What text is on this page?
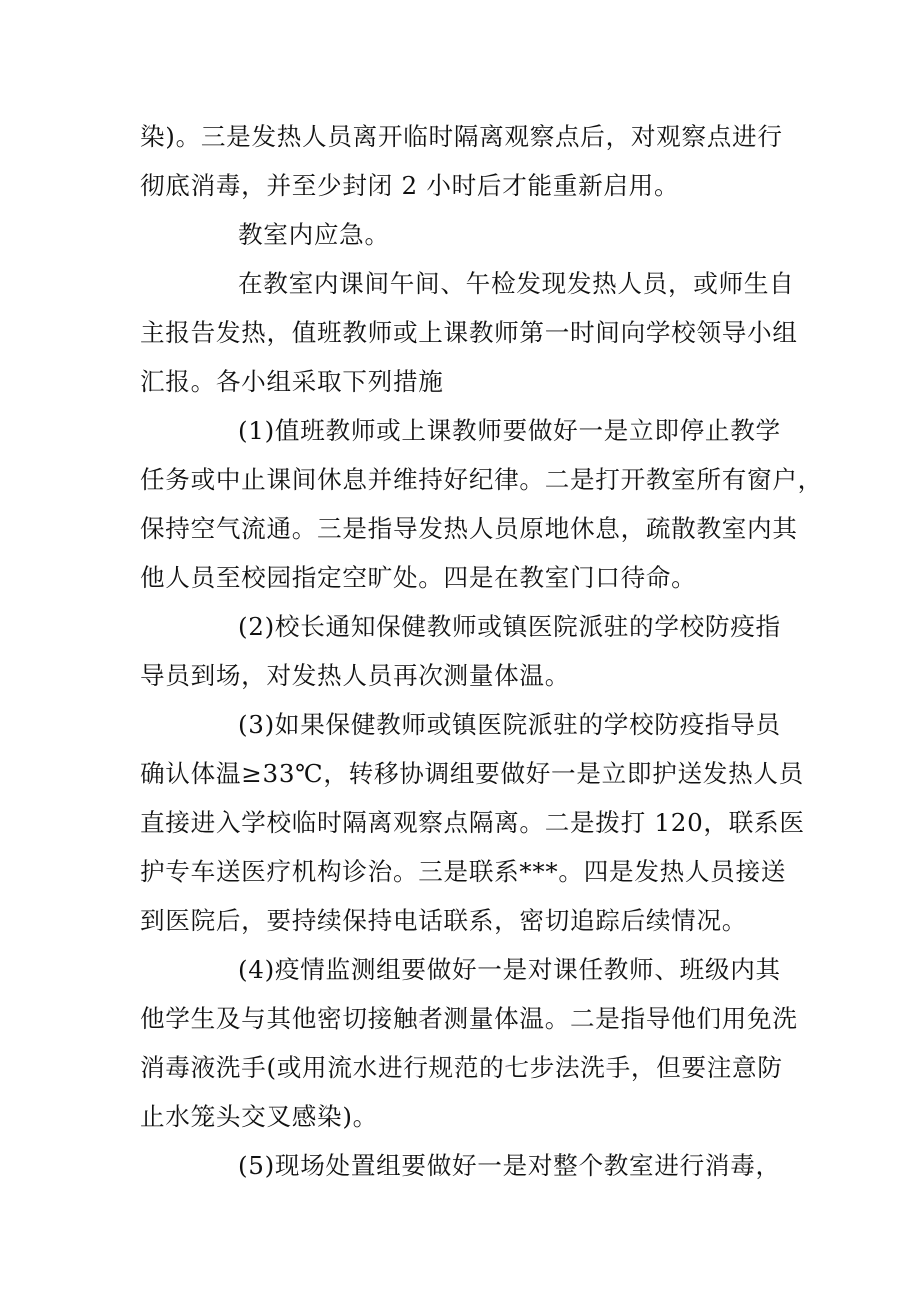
染)。三是发热人员离开临时隔离观察点后，对观察点进行
彻底消毒，并至少封闭 2 小时后才能重新启用。
教室内应急。
在教室内课间午间、午检发现发热人员，或师生自
主报告发热，值班教师或上课教师第一时间向学校领导小组
汇报。各小组采取下列措施
(1)值班教师或上课教师要做好一是立即停止教学
任务或中止课间休息并维持好纪律。二是打开教室所有窗户，
保持空气流通。三是指导发热人员原地休息，疏散教室内其
他人员至校园指定空旷处。四是在教室门口待命。
(2)校长通知保健教师或镇医院派驻的学校防疫指
导员到场，对发热人员再次测量体温。
(3)如果保健教师或镇医院派驻的学校防疫指导员
确认体温≥33℃，转移协调组要做好一是立即护送发热人员
直接进入学校临时隔离观察点隔离。二是拨打 120，联系医
护专车送医疗机构诊治。三是联系***。四是发热人员接送
到医院后，要持续保持电话联系，密切追踪后续情况。
(4)疫情监测组要做好一是对课任教师、班级内其
他学生及与其他密切接触者测量体温。二是指导他们用免洗
消毒液洗手(或用流水进行规范的七步法洗手，但要注意防
止水笼头交叉感染)。
(5)现场处置组要做好一是对整个教室进行消毒，
